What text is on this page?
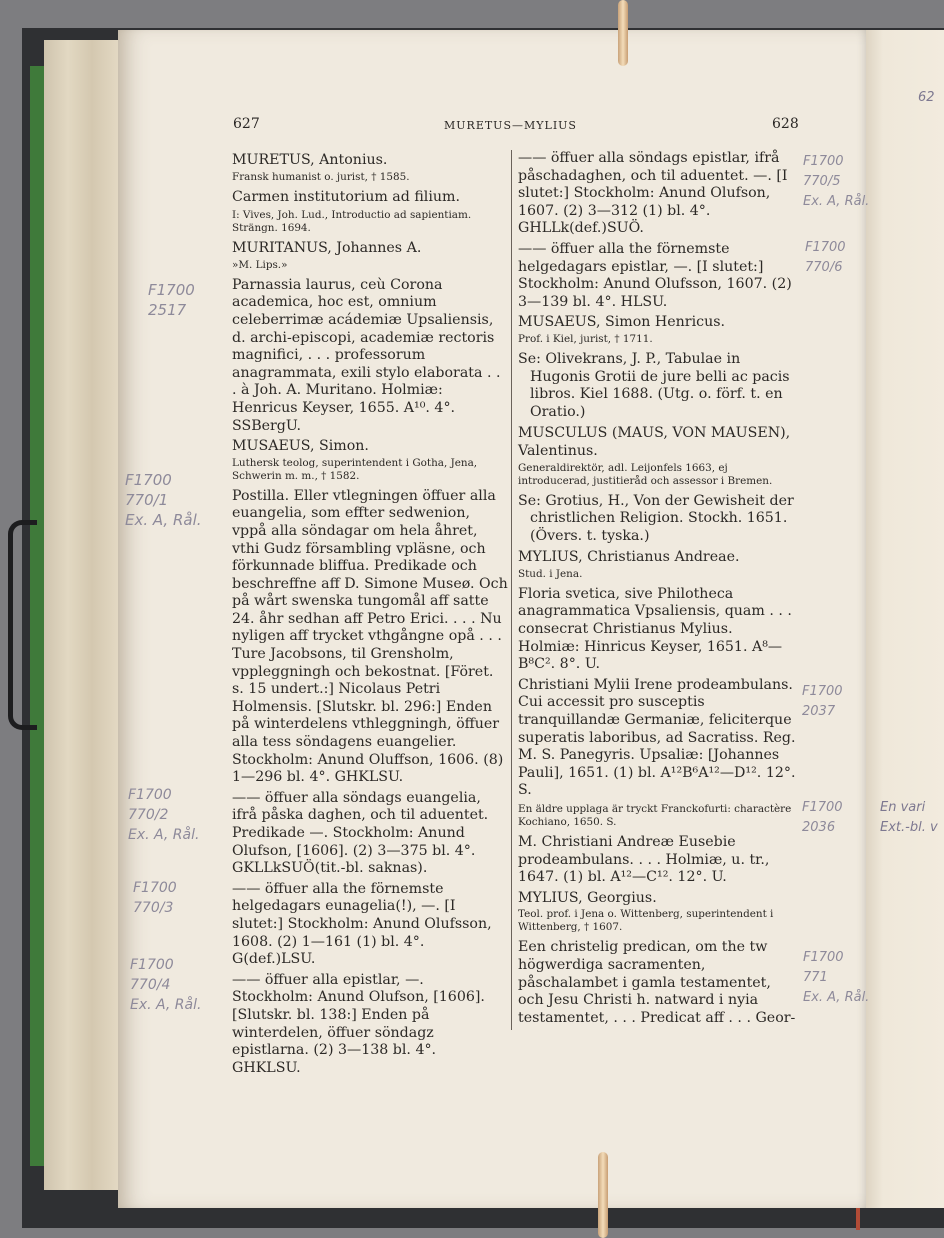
627	MURETUS—MYLIUS	628

MURETUS, Antonius.

Fransk humanist o. jurist, † 1585.

Carmen institutorium ad filium.

I: Vives, Joh. Lud., Introductio ad sapientiam. Strängn. 1694.

MURITANUS, Johannes A.

»M. Lips.»

Parnassia laurus, ceù Corona academica, hoc est, omnium celeberrimæ acádemiæ Upsaliensis, d. archi-episcopi, academiæ rectoris magnifici, . . . professorum anagrammata, exili stylo elaborata . . . à Joh. A. Muritano. Holmiæ: Henricus Keyser, 1655. A¹⁰. 4°. SSBergU.

MUSAEUS, Simon.

Luthersk teolog, superintendent i Gotha, Jena, Schwerin m. m., † 1582.

Postilla. Eller vtlegningen öffuer alla euangelia, som effter sedwenion, vppå alla söndagar om hela åhret, vthi Gudz försambling vpläsne, och förkunnade bliffua. Predikade och beschreffne aff D. Simone Museø. Och på wårt swenska tungomål aff satte 24. åhr sedhan aff Petro Erici. . . . Nu nyligen aff trycket vthgångne opå . . . Ture Jacobsons, til Grensholm, vppleggningh och bekostnat. [Föret. s. 15 undert.:] Nicolaus Petri Holmensis. [Slutskr. bl. 296:] Enden på winterdelens vthleggningh, öffuer alla tess söndagens euangelier. Stockholm: Anund Oluffson, 1606. (8) 1—296 bl. 4°. GHKLSU.

—— öffuer alla söndags euangelia, ifrå påska daghen, och til aduentet. Predikade —. Stockholm: Anund Olufson, [1606]. (2) 3—375 bl. 4°. GKLLkSUÖ(tit.-bl. saknas).

—— öffuer alla the förnemste helgedagars eunagelia(!), —. [I slutet:] Stockholm: Anund Olufsson, 1608. (2) 1—161 (1) bl. 4°. G(def.)LSU.

—— öffuer alla epistlar, —. Stockholm: Anund Olufson, [1606]. [Slutskr. bl. 138:] Enden på winterdelen, öffuer söndagz epistlarna. (2) 3—138 bl. 4°. GHKLSU.

—— öffuer alla söndags epistlar, ifrå påschadaghen, och til aduentet. —. [I slutet:] Stockholm: Anund Olufson, 1607. (2) 3—312 (1) bl. 4°. GHLLk(def.)SUÖ.

—— öffuer alla the förnemste helgedagars epistlar, —. [I slutet:] Stockholm: Anund Olufsson, 1607. (2) 3—139 bl. 4°. HLSU.

MUSAEUS, Simon Henricus.

Prof. i Kiel, jurist, † 1711.

Se: Olivekrans, J. P., Tabulae in Hugonis Grotii de jure belli ac pacis libros. Kiel 1688. (Utg. o. förf. t. en Oratio.)

MUSCULUS (MAUS, VON MAUSEN), Valentinus.

Generaldirektör, adl. Leijonfels 1663, ej introducerad, justitieråd och assessor i Bremen.

Se: Grotius, H., Von der Gewisheit der christlichen Religion. Stockh. 1651. (Övers. t. tyska.)

MYLIUS, Christianus Andreae.

Stud. i Jena.

Floria svetica, sive Philotheca anagrammatica Vpsaliensis, quam . . . consecrat Christianus Mylius. Holmiæ: Hinricus Keyser, 1651. A⁸—B⁸C². 8°. U.

Christiani Mylii Irene prodeambulans. Cui accessit pro susceptis tranquillandæ Germaniæ, feliciterque superatis laboribus, ad Sacratiss. Reg. M. S. Panegyris. Upsaliæ: [Johannes Pauli], 1651. (1) bl. A¹²B⁶A¹²—D¹². 12°. S.

En äldre upplaga är tryckt Franckofurti: charactère Kochiano, 1650. S.

M. Christiani Andreæ Eusebie prodeambulans. . . . Holmiæ, u. tr., 1647. (1) bl. A¹²—C¹². 12°. U.

MYLIUS, Georgius.

Teol. prof. i Jena o. Wittenberg, superintendent i Wittenberg, † 1607.

Een christelig predican, om the tw högwerdiga sacramenten, påschalambet i gamla testamentet, och Jesu Christi h. natward i nyia testamentet, . . . Predicat aff . . . Geor-

F1700
2517
F1700
770/1
Ex. A, Rål.
F1700
770/2
Ex. A, Rål.
F1700
770/3
F1700
770/4
Ex. A, Rål.
F1700
770/5
Ex. A, Rål.
F1700
770/6
F1700
2037
F1700
2036
F1700
771
Ex. A, Rål.
En vari
Ext.-bl. v
62
